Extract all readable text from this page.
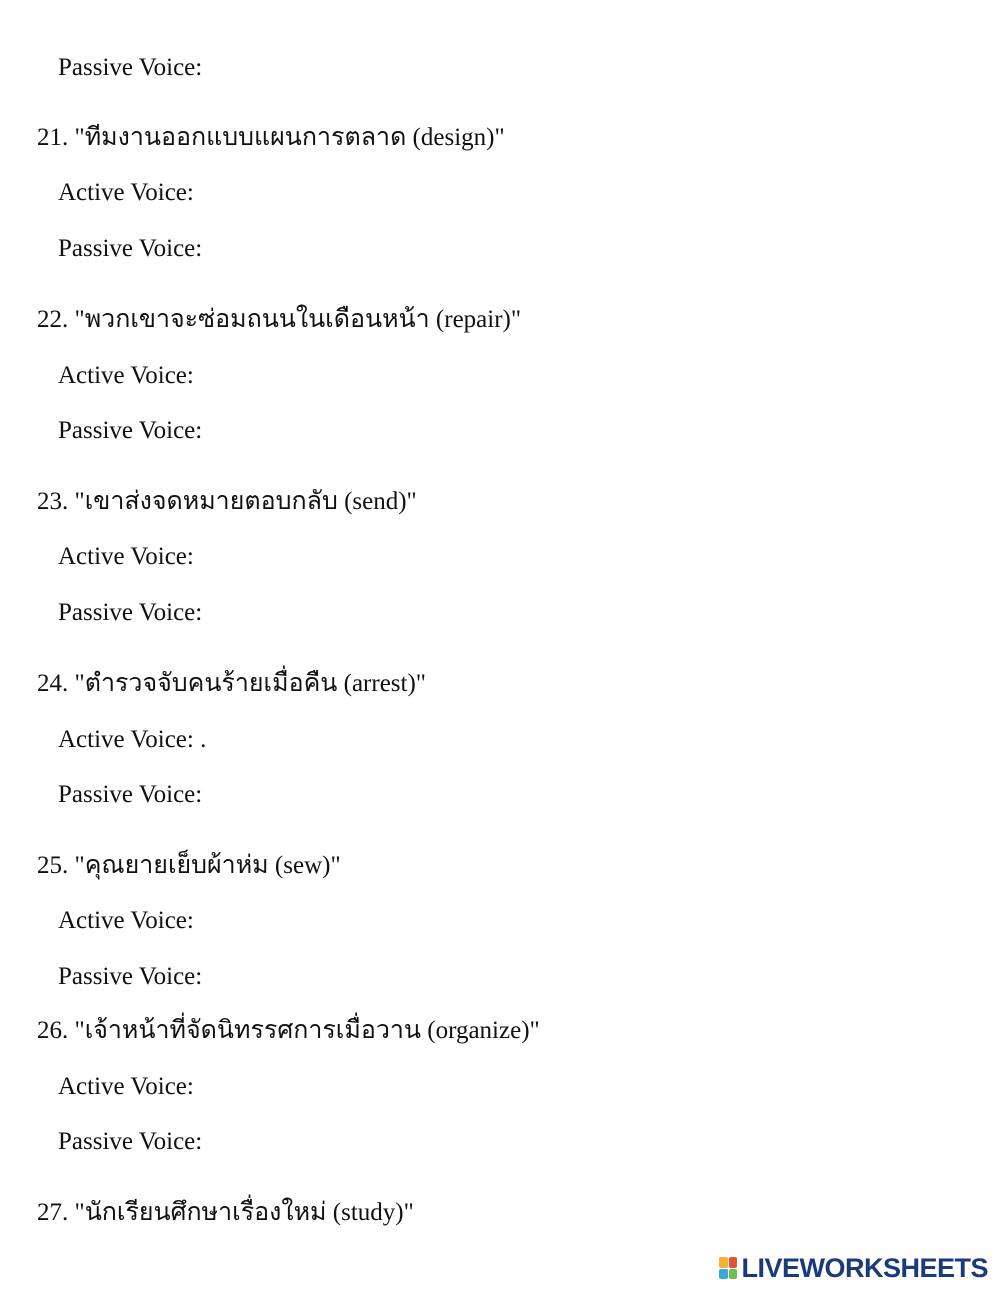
Passive Voice:
21. "ทีมงานออกแบบแผนการตลาด (design)"
Active Voice:
Passive Voice:
22. "พวกเขาจะซ่อมถนนในเดือนหน้า (repair)"
Active Voice:
Passive Voice:
23. "เขาส่งจดหมายตอบกลับ (send)"
Active Voice:
Passive Voice:
24. "ตำรวจจับคนร้ายเมื่อคืน (arrest)"
Active Voice: .
Passive Voice:
25. "คุณยายเย็บผ้าห่ม (sew)"
Active Voice:
Passive Voice:
26. "เจ้าหน้าที่จัดนิทรรศการเมื่อวาน (organize)"
Active Voice:
Passive Voice:
27. "นักเรียนศึกษาเรื่องใหม่ (study)"
LIVEWORKSHEETS
